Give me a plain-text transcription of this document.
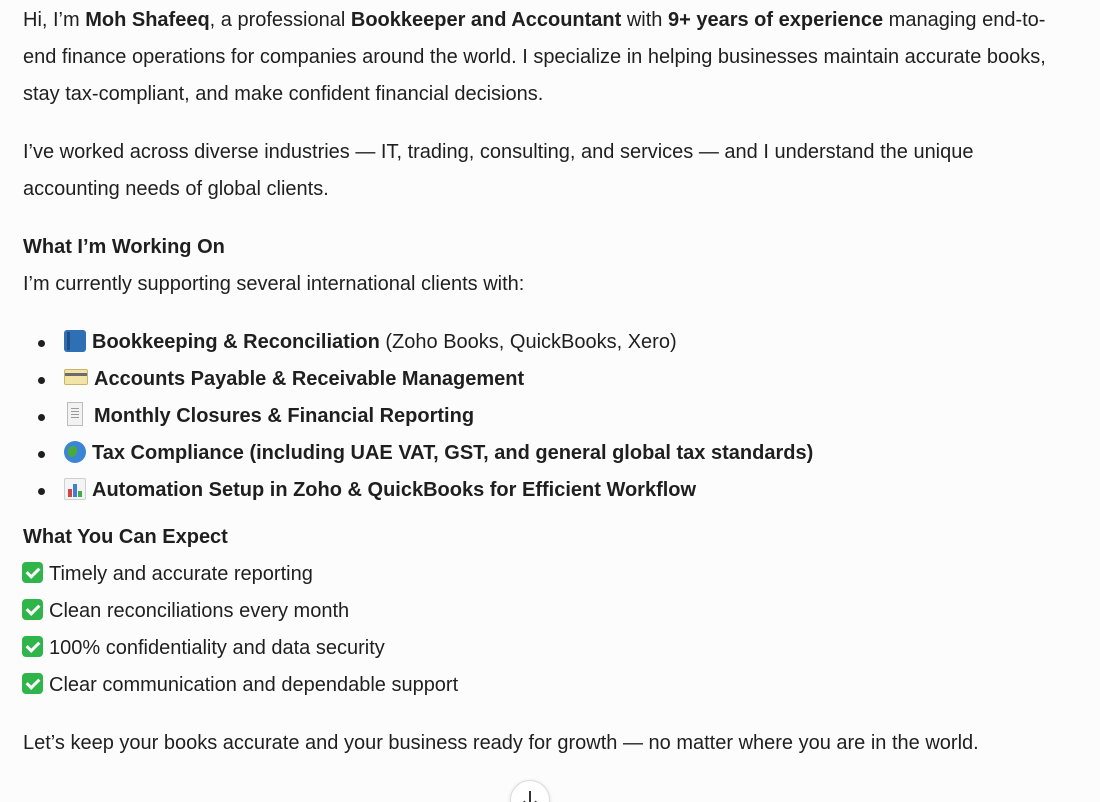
Hi, I’m Moh Shafeeq, a professional Bookkeeper and Accountant with 9+ years of experience managing end-to-end finance operations for companies around the world. I specialize in helping businesses maintain accurate books, stay tax-compliant, and make confident financial decisions.

I’ve worked across diverse industries — IT, trading, consulting, and services — and I understand the unique accounting needs of global clients.

What I’m Working On

I’m currently supporting several international clients with:

Bookkeeping & Reconciliation (Zoho Books, QuickBooks, Xero)
Accounts Payable & Receivable Management
Monthly Closures & Financial Reporting
Tax Compliance (including UAE VAT, GST, and general global tax standards)
Automation Setup in Zoho & QuickBooks for Efficient Workflow

What You Can Expect

Timely and accurate reporting
Clean reconciliations every month
100% confidentiality and data security
Clear communication and dependable support

Let’s keep your books accurate and your business ready for growth — no matter where you are in the world.
